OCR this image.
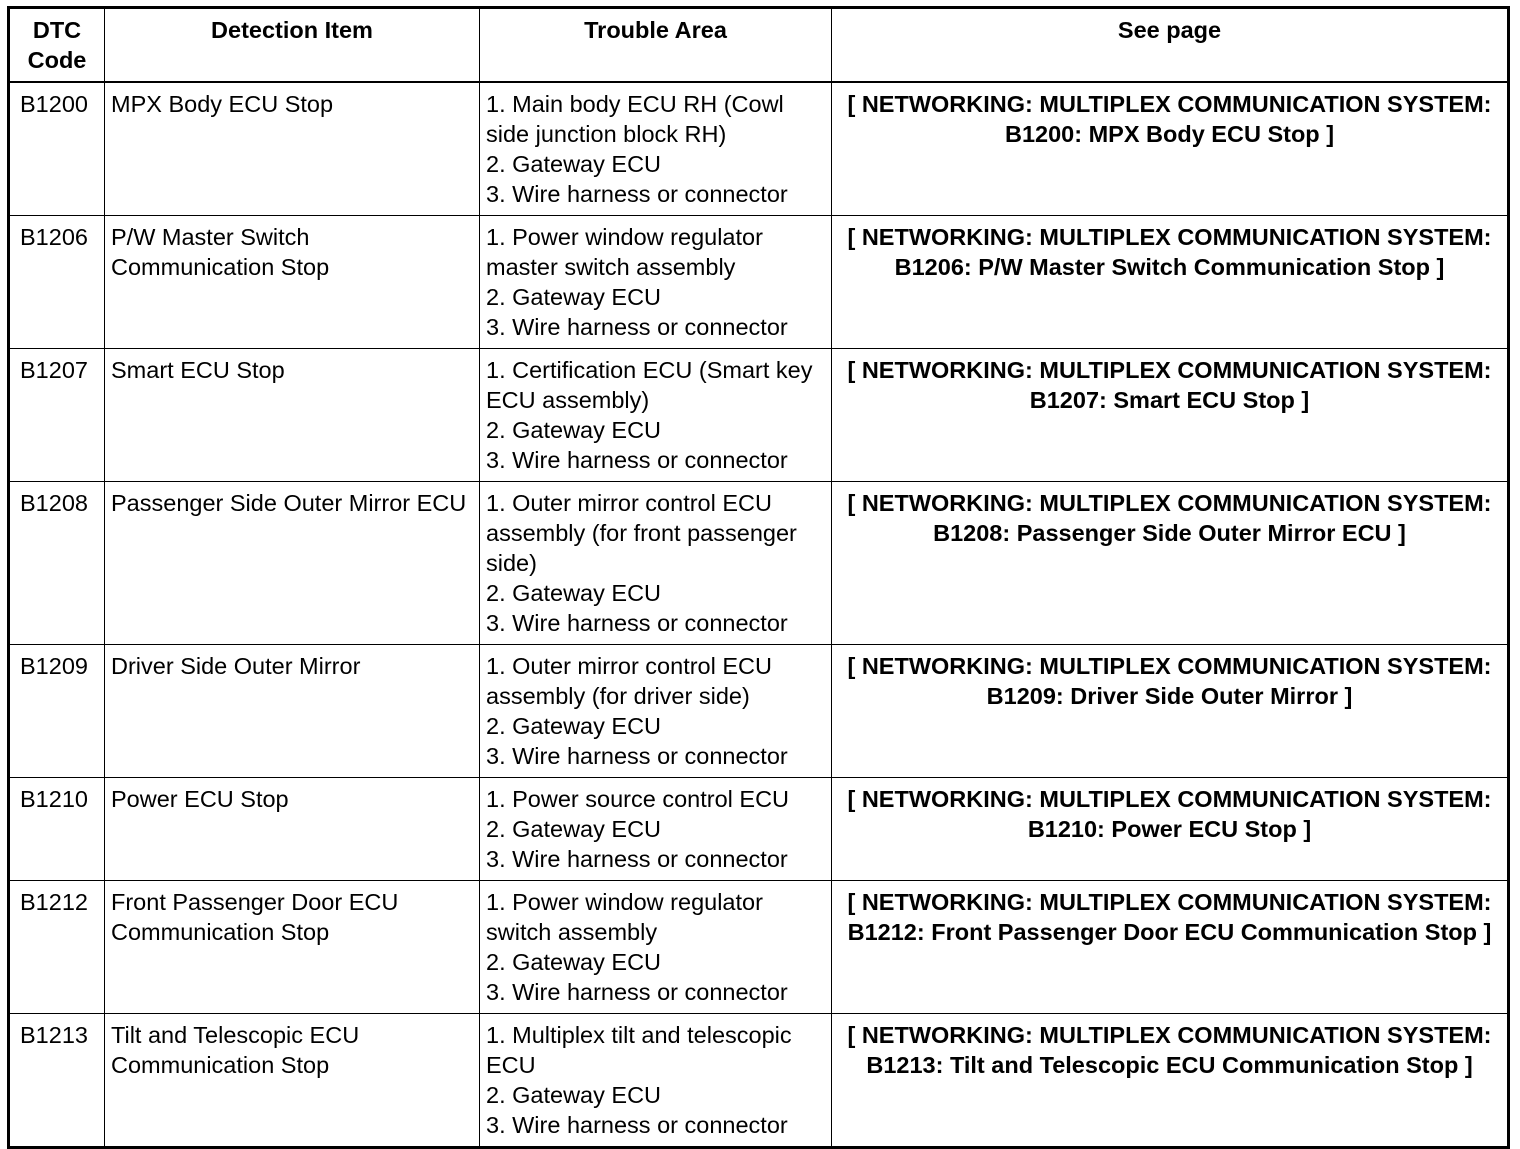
DTC
Code	Detection Item	Trouble Area	See page
B1200	MPX Body ECU Stop	1. Main body ECU RH (Cowl side junction block RH)
2. Gateway ECU
3. Wire harness or connector	[ NETWORKING: MULTIPLEX COMMUNICATION SYSTEM: B1200: MPX Body ECU Stop ]
B1206	P/W Master Switch Communication Stop	1. Power window regulator master switch assembly
2. Gateway ECU
3. Wire harness or connector	[ NETWORKING: MULTIPLEX COMMUNICATION SYSTEM: B1206: P/W Master Switch Communication Stop ]
B1207	Smart ECU Stop	1. Certification ECU (Smart key ECU assembly)
2. Gateway ECU
3. Wire harness or connector	[ NETWORKING: MULTIPLEX COMMUNICATION SYSTEM: B1207: Smart ECU Stop ]
B1208	Passenger Side Outer Mirror ECU	1. Outer mirror control ECU assembly (for front passenger side)
2. Gateway ECU
3. Wire harness or connector	[ NETWORKING: MULTIPLEX COMMUNICATION SYSTEM: B1208: Passenger Side Outer Mirror ECU ]
B1209	Driver Side Outer Mirror	1. Outer mirror control ECU assembly (for driver side)
2. Gateway ECU
3. Wire harness or connector	[ NETWORKING: MULTIPLEX COMMUNICATION SYSTEM: B1209: Driver Side Outer Mirror ]
B1210	Power ECU Stop	1. Power source control ECU
2. Gateway ECU
3. Wire harness or connector	[ NETWORKING: MULTIPLEX COMMUNICATION SYSTEM: B1210: Power ECU Stop ]
B1212	Front Passenger Door ECU Communication Stop	1. Power window regulator switch assembly
2. Gateway ECU
3. Wire harness or connector	[ NETWORKING: MULTIPLEX COMMUNICATION SYSTEM: B1212: Front Passenger Door ECU Communication Stop ]
B1213	Tilt and Telescopic ECU Communication Stop	1. Multiplex tilt and telescopic ECU
2. Gateway ECU
3. Wire harness or connector	[ NETWORKING: MULTIPLEX COMMUNICATION SYSTEM: B1213: Tilt and Telescopic ECU Communication Stop ]
